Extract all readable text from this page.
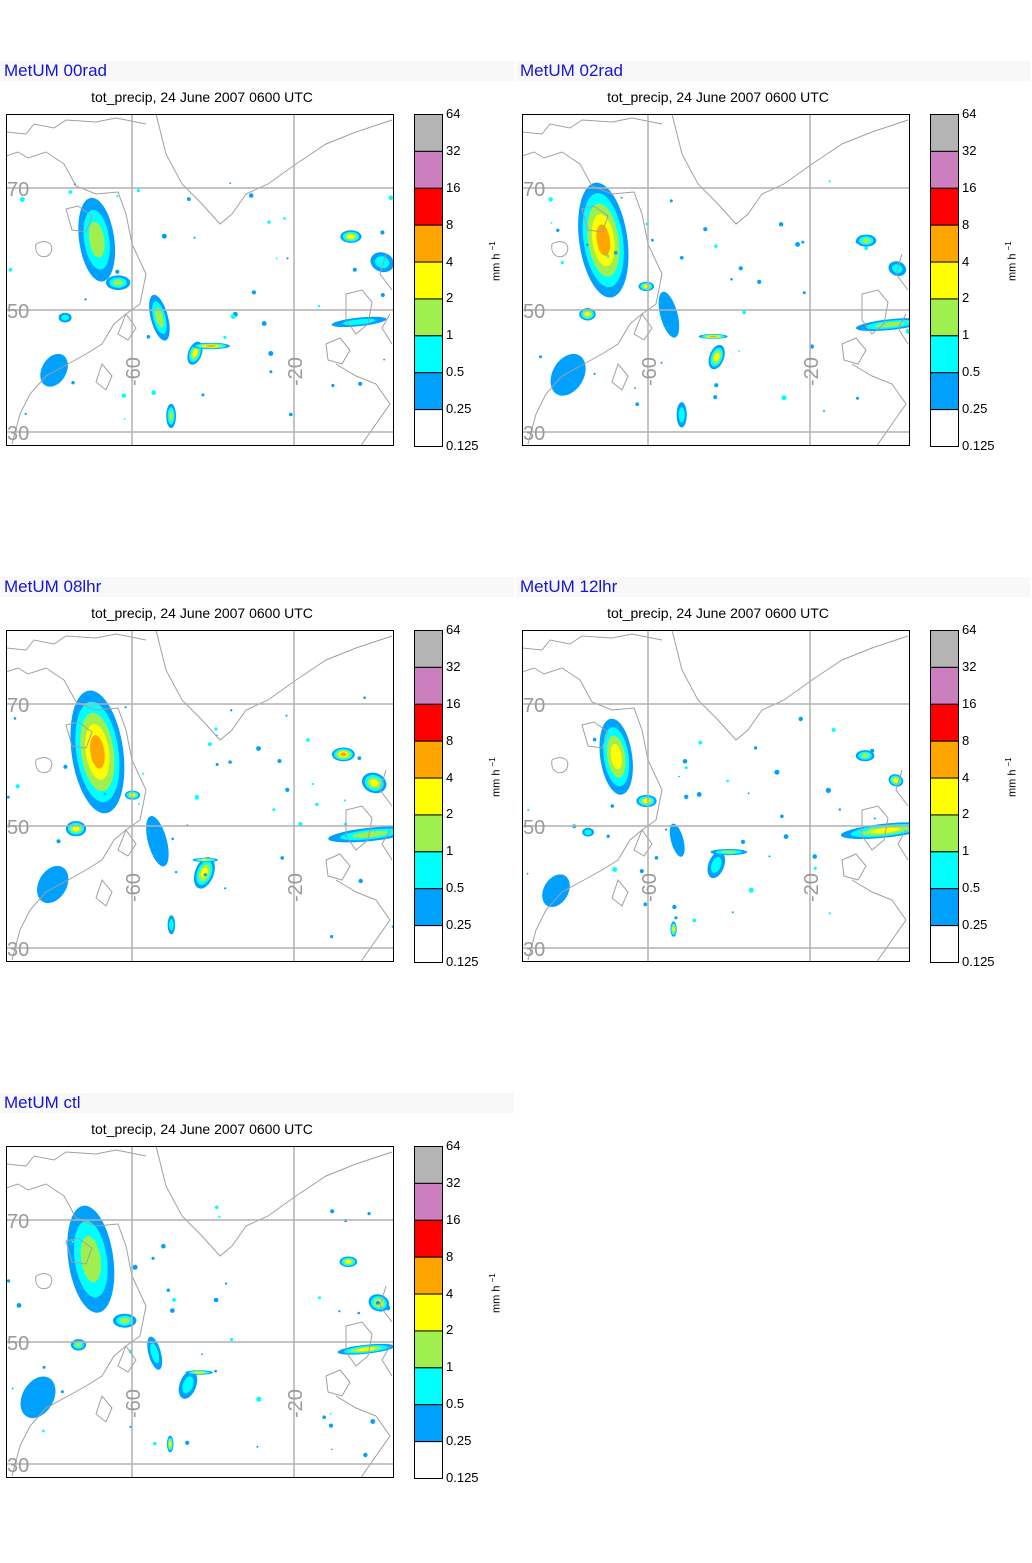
MetUM 00rad
tot_precip, 24 June 2007 0600 UTC
70
50
30
-60	-20
64
32
16
8
4
2
1
0.5
0.25
0.125
mm h $^{-1}$
MetUM 02rad
tot_precip, 24 June 2007 0600 UTC
70
50
30
-60	-20
64
32
16
8
4
2
1
0.5
0.25
0.125
mm h $^{-1}$
MetUM 08lhr
tot_precip, 24 June 2007 0600 UTC
70
50
30
-60	-20
64
32
16
8
4
2
1
0.5
0.25
0.125
mm h $^{-1}$
MetUM 12lhr
tot_precip, 24 June 2007 0600 UTC
70
50
30
-60	-20
64
32
16
8
4
2
1
0.5
0.25
0.125
mm h $^{-1}$
MetUM ctl
tot_precip, 24 June 2007 0600 UTC
70
50
30
-60	-20
64
32
16
8
4
2
1
0.5
0.25
0.125
mm h $^{-1}$
